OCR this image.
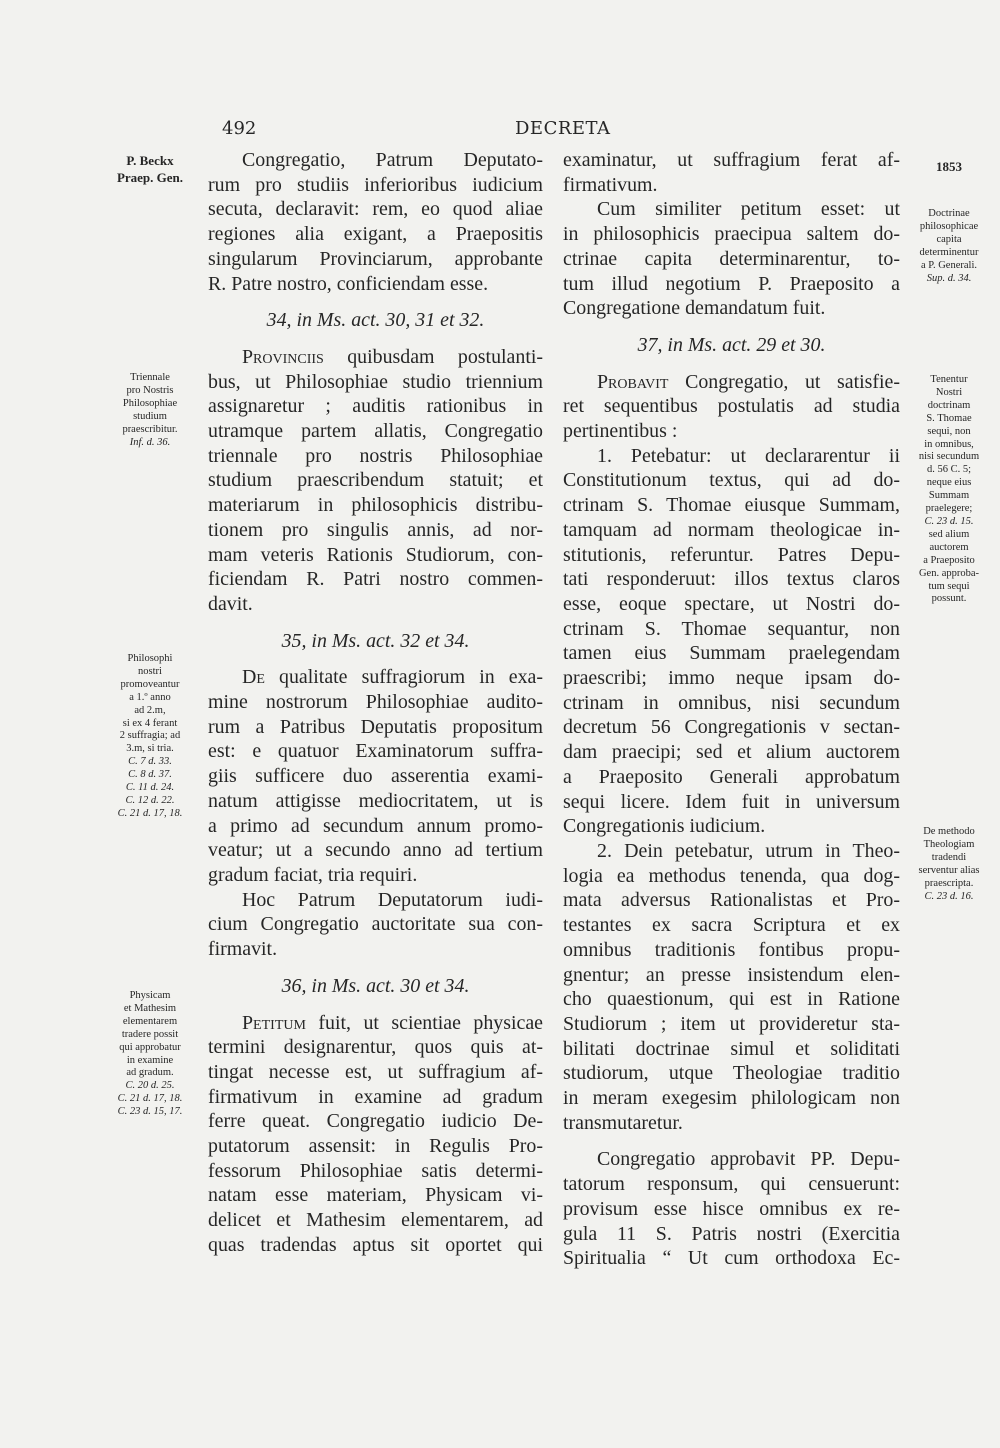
492	DECRETA
P. Beckx
Praep. Gen.
Triennale
pro Nostris
Philosophiae
studium
praescribitur.
Inf. d. 36.
Philosophi
nostri
promoveantur
a 1.º anno
ad 2.m,
si ex 4 ferant
2 suffragia; ad
3.m, si tria.
C. 7 d. 33.
C. 8 d. 37.
C. 11 d. 24.
C. 12 d. 22.
C. 21 d. 17, 18.
Physicam
et Mathesim
elementarem
tradere possit
qui approbatur
in examine
ad gradum.
C. 20 d. 25.
C. 21 d. 17, 18.
C. 23 d. 15, 17.
1853
Doctrinae
philosophicae
capita
determinentur
a P. Generali.
Sup. d. 34.
Tenentur
Nostri
doctrinam
S. Thomae
sequi, non
in omnibus,
nisi secundum
d. 56 C. 5;
neque eius
Summam
praelegere;
C. 23 d. 15.
sed alium
auctorem
a Praeposito
Gen. approba-
tum sequi
possunt.
De methodo
Theologiam
tradendi
serventur alias
praescripta.
C. 23 d. 16.
Congregatio, Patrum Deputato-
rum pro studiis inferioribus iudicium
secuta, declaravit: rem, eo quod aliae
regiones alia exigant, a Praepositis
singularum Provinciarum, approbante
R. Patre nostro, conficiendam esse.
34, in Ms. act. 30, 31 et 32.
Provinciis quibusdam postulanti-
bus, ut Philosophiae studio triennium
assignaretur ; auditis rationibus in
utramque partem allatis, Congregatio
triennale pro nostris Philosophiae
studium praescribendum statuit; et
materiarum in philosophicis distribu-
tionem pro singulis annis, ad nor-
mam veteris Rationis Studiorum, con-
ficiendam R. Patri nostro commen-
davit.
35, in Ms. act. 32 et 34.
De qualitate suffragiorum in exa-
mine nostrorum Philosophiae audito-
rum a Patribus Deputatis propositum
est: e quatuor Examinatorum suffra-
giis sufficere duo asserentia exami-
natum attigisse mediocritatem, ut is
a primo ad secundum annum promo-
veatur; ut a secundo anno ad tertium
gradum faciat, tria requiri.
Hoc Patrum Deputatorum iudi-
cium Congregatio auctoritate sua con-
firmavit.
36, in Ms. act. 30 et 34.
Petitum fuit, ut scientiae physicae
termini designarentur, quos quis at-
tingat necesse est, ut suffragium af-
firmativum in examine ad gradum
ferre queat. Congregatio iudicio De-
putatorum assensit: in Regulis Pro-
fessorum Philosophiae satis determi-
natam esse materiam, Physicam vi-
delicet et Mathesim elementarem, ad
quas tradendas aptus sit oportet qui
examinatur, ut suffragium ferat af-
firmativum.
Cum similiter petitum esset: ut
in philosophicis praecipua saltem do-
ctrinae capita determinarentur, to-
tum illud negotium P. Praeposito a
Congregatione demandatum fuit.
37, in Ms. act. 29 et 30.
Probavit Congregatio, ut satisfie-
ret sequentibus postulatis ad studia
pertinentibus :
1. Petebatur: ut declararentur ii
Constitutionum textus, qui ad do-
ctrinam S. Thomae eiusque Summam,
tamquam ad normam theologicae in-
stitutionis, referuntur. Patres Depu-
tati responderuut: illos textus claros
esse, eoque spectare, ut Nostri do-
ctrinam S. Thomae sequantur, non
tamen eius Summam praelegendam
praescribi; immo neque ipsam do-
ctrinam in omnibus, nisi secundum
decretum 56 Congregationis v sectan-
dam praecipi; sed et alium auctorem
a Praeposito Generali approbatum
sequi licere. Idem fuit in universum
Congregationis iudicium.
2. Dein petebatur, utrum in Theo-
logia ea methodus tenenda, qua dog-
mata adversus Rationalistas et Pro-
testantes ex sacra Scriptura et ex
omnibus traditionis fontibus propu-
gnentur; an presse insistendum elen-
cho quaestionum, qui est in Ratione
Studiorum ; item ut provideretur sta-
bilitati doctrinae simul et soliditati
studiorum, utque Theologiae traditio
in meram exegesim philologicam non
transmutaretur.
Congregatio approbavit PP. Depu-
tatorum responsum, qui censuerunt:
provisum esse hisce omnibus ex re-
gula 11 S. Patris nostri (Exercitia
Spiritualia “ Ut cum orthodoxa Ec-
